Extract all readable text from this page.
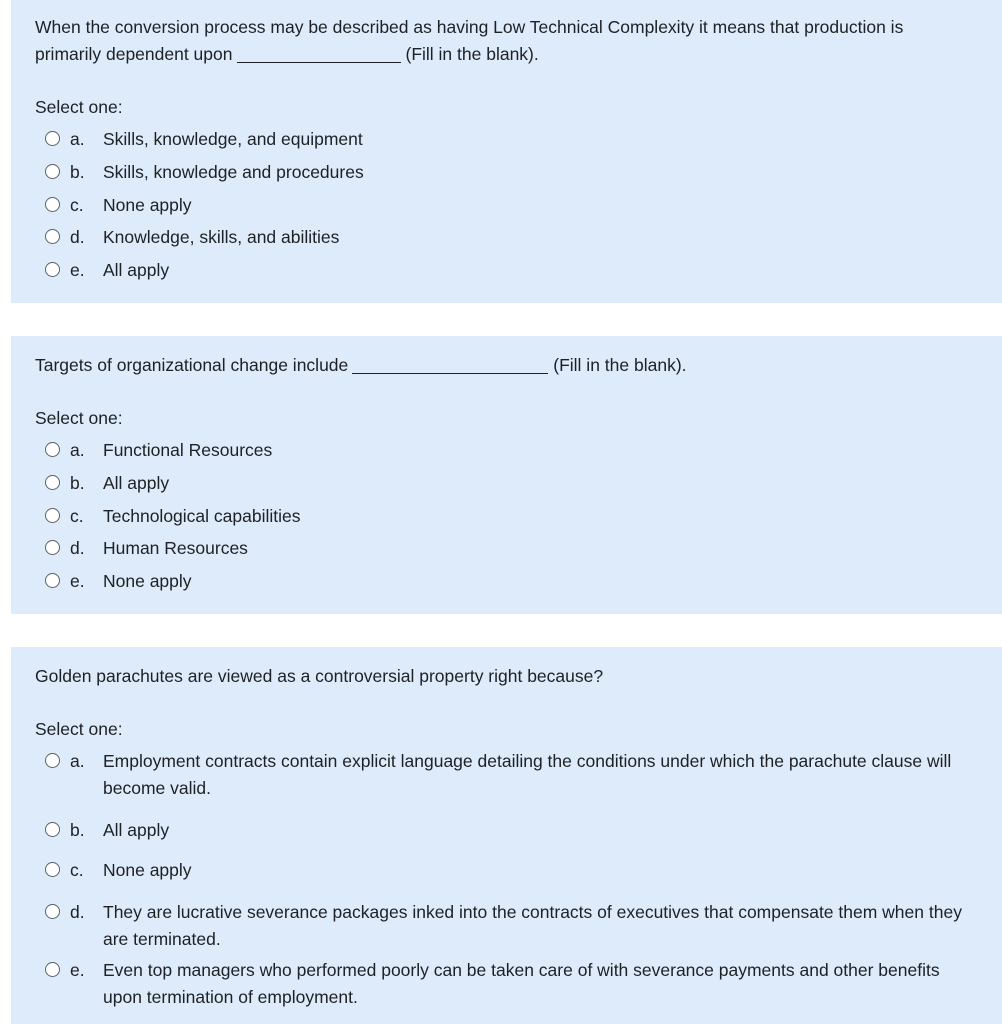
When the conversion process may be described as having Low Technical Complexity it means that production is primarily dependent upon	(Fill in the blank).
Select one:
a. Skills, knowledge, and equipment
b. Skills, knowledge and procedures
c. None apply
d. Knowledge, skills, and abilities
e. All apply
Targets of organizational change include	(Fill in the blank).
Select one:
a. Functional Resources
b. All apply
c. Technological capabilities
d. Human Resources
e. None apply
Golden parachutes are viewed as a controversial property right because?
Select one:
a. Employment contracts contain explicit language detailing the conditions under which the parachute clause will become valid.
b. All apply
c. None apply
d. They are lucrative severance packages inked into the contracts of executives that compensate them when they are terminated.
e. Even top managers who performed poorly can be taken care of with severance payments and other benefits upon termination of employment.
